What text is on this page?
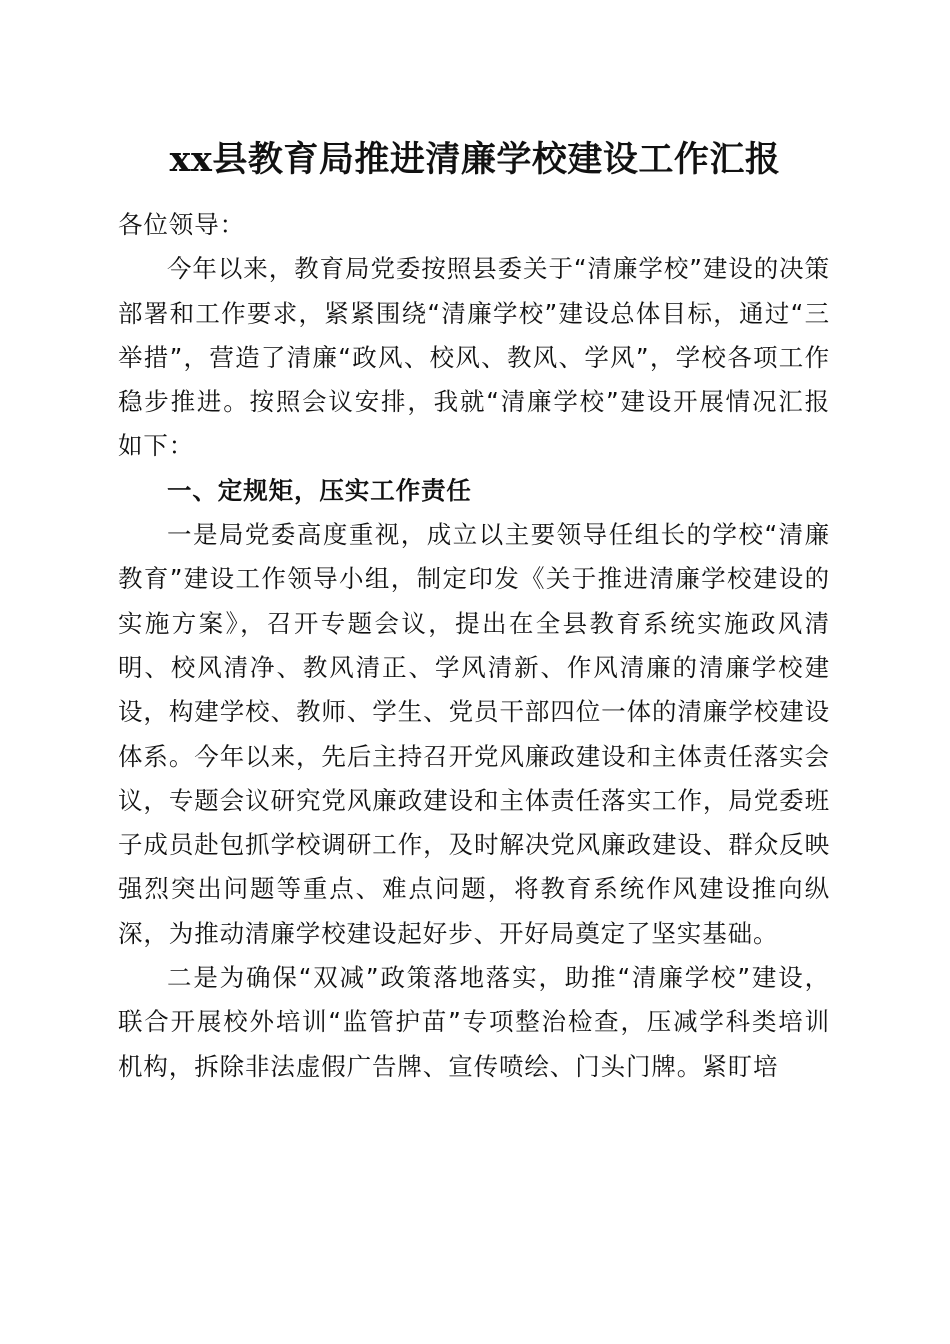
xx县教育局推进清廉学校建设工作汇报

各位领导：

今年以来，教育局党委按照县委关于“清廉学校”建设的决策部署和工作要求，紧紧围绕“清廉学校”建设总体目标，通过“三举措”，营造了清廉“政风、校风、教风、学风”，学校各项工作稳步推进。按照会议安排，我就“清廉学校”建设开展情况汇报如下：

一、定规矩，压实工作责任

一是局党委高度重视，成立以主要领导任组长的学校“清廉教育”建设工作领导小组，制定印发《关于推进清廉学校建设的实施方案》，召开专题会议，提出在全县教育系统实施政风清明、校风清净、教风清正、学风清新、作风清廉的清廉学校建设，构建学校、教师、学生、党员干部四位一体的清廉学校建设体系。今年以来，先后主持召开党风廉政建设和主体责任落实会议，专题会议研究党风廉政建设和主体责任落实工作，局党委班子成员赴包抓学校调研工作，及时解决党风廉政建设、群众反映强烈突出问题等重点、难点问题，将教育系统作风建设推向纵深，为推动清廉学校建设起好步、开好局奠定了坚实基础。

二是为确保“双减”政策落地落实，助推“清廉学校”建设，联合开展校外培训“监管护苗”专项整治检查，压减学科类培训机构，拆除非法虚假广告牌、宣传喷绘、门头门牌。紧盯培
